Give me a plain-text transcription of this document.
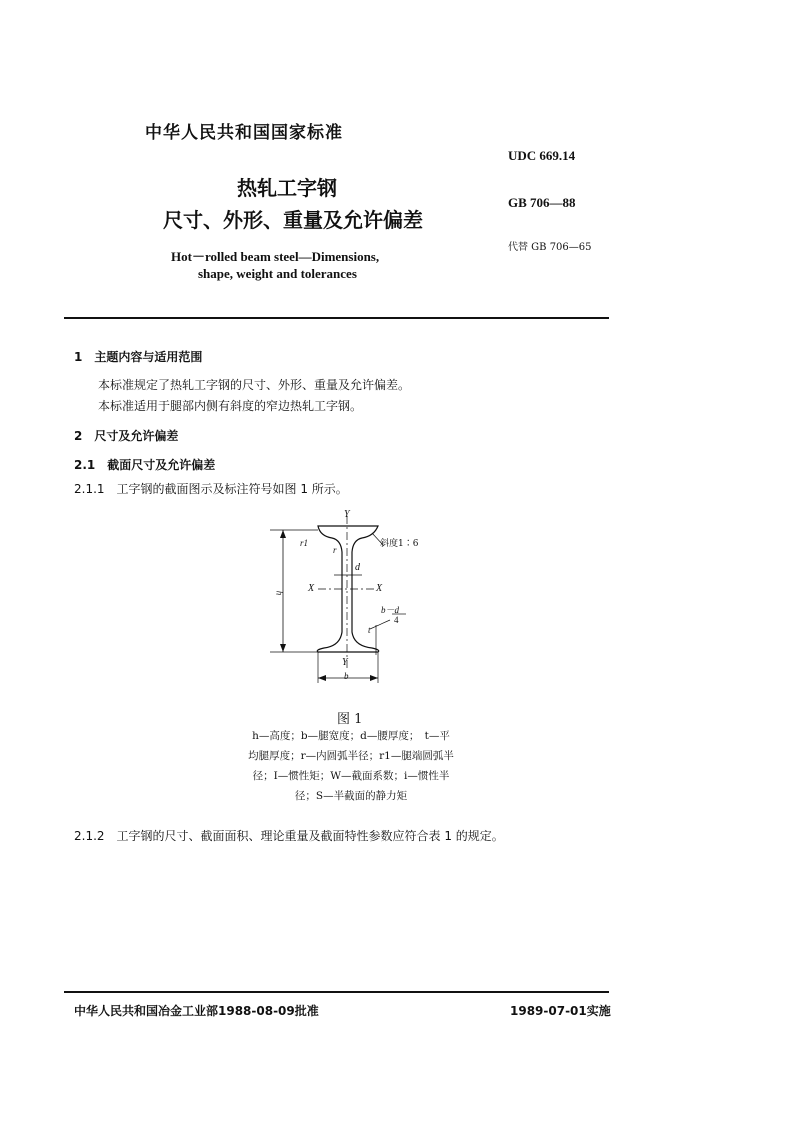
中华人民共和国国家标准
UDC 669.14
热轧工字钢
GB 706—88
尺寸、外形、重量及允许偏差
代替 GB 706—65
Hot－rolled beam steel—Dimensions,
shape, weight and tolerances
1　主题内容与适用范围
本标准规定了热轧工字钢的尺寸、外形、重量及允许偏差。
本标准适用于腿部内侧有斜度的窄边热轧工字钢。
2　尺寸及允许偏差
2.1　截面尺寸及允许偏差
2.1.1　工字钢的截面图示及标注符号如图 1 所示。
Y
r1
r
斜度1∶6
d
X	X
h
b－d
4
t
Y
b
图 1
h—高度；b—腿宽度；d—腰厚度；　t—平
均腿厚度；r—内圆弧半径；r1—腿端圆弧半
径；I—惯性矩；W—截面系数；i—惯性半
径；S—半截面的静力矩
2.1.2　工字钢的尺寸、截面面积、理论重量及截面特性参数应符合表 1 的规定。
中华人民共和国冶金工业部1988-08-09批准	1989-07-01实施
